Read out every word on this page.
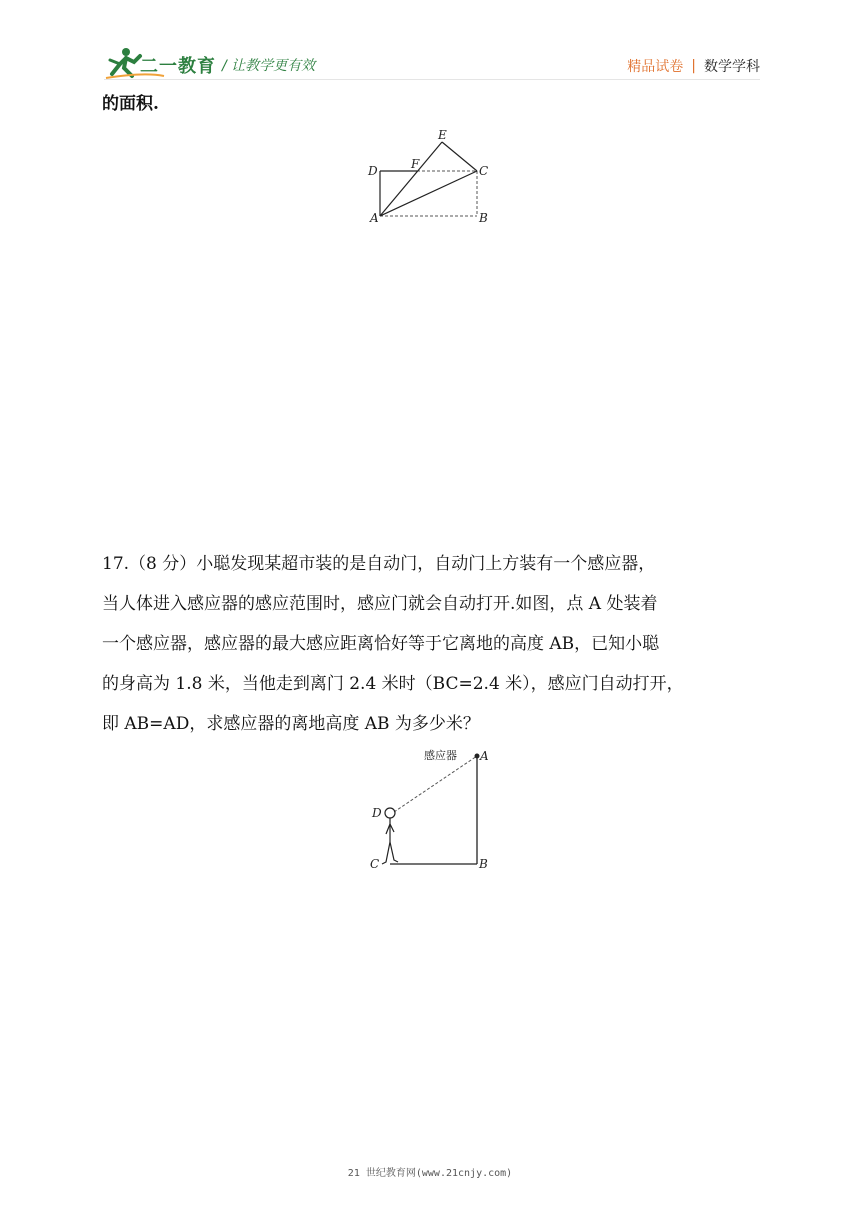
二一教育 / 让教学更有效	精品试卷 | 数学学科
的面积.
E
F
D	C
A	B
17.（8 分）小聪发现某超市装的是自动门，自动门上方装有一个感应器，
当人体进入感应器的感应范围时，感应门就会自动打开.如图，点 A 处装着
一个感应器，感应器的最大感应距离恰好等于它离地的高度 AB，已知小聪
的身高为 1.8 米，当他走到离门 2.4 米时（BC=2.4 米），感应门自动打开，
即 AB=AD，求感应器的离地高度 AB 为多少米？
感应器 A
D
C	B
21 世纪教育网(www.21cnjy.com)
